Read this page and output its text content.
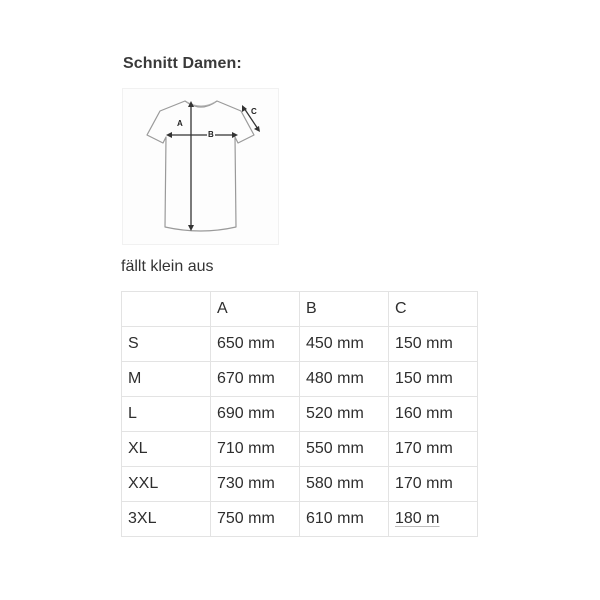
Schnitt Damen:
A
B
C
fällt klein aus
	A	B	C
S	650 mm	450 mm	150 mm
M	670 mm	480 mm	150 mm
L	690 mm	520 mm	160 mm
XL	710 mm	550 mm	170 mm
XXL	730 mm	580 mm	170 mm
3XL	750 mm	610 mm	180 m
